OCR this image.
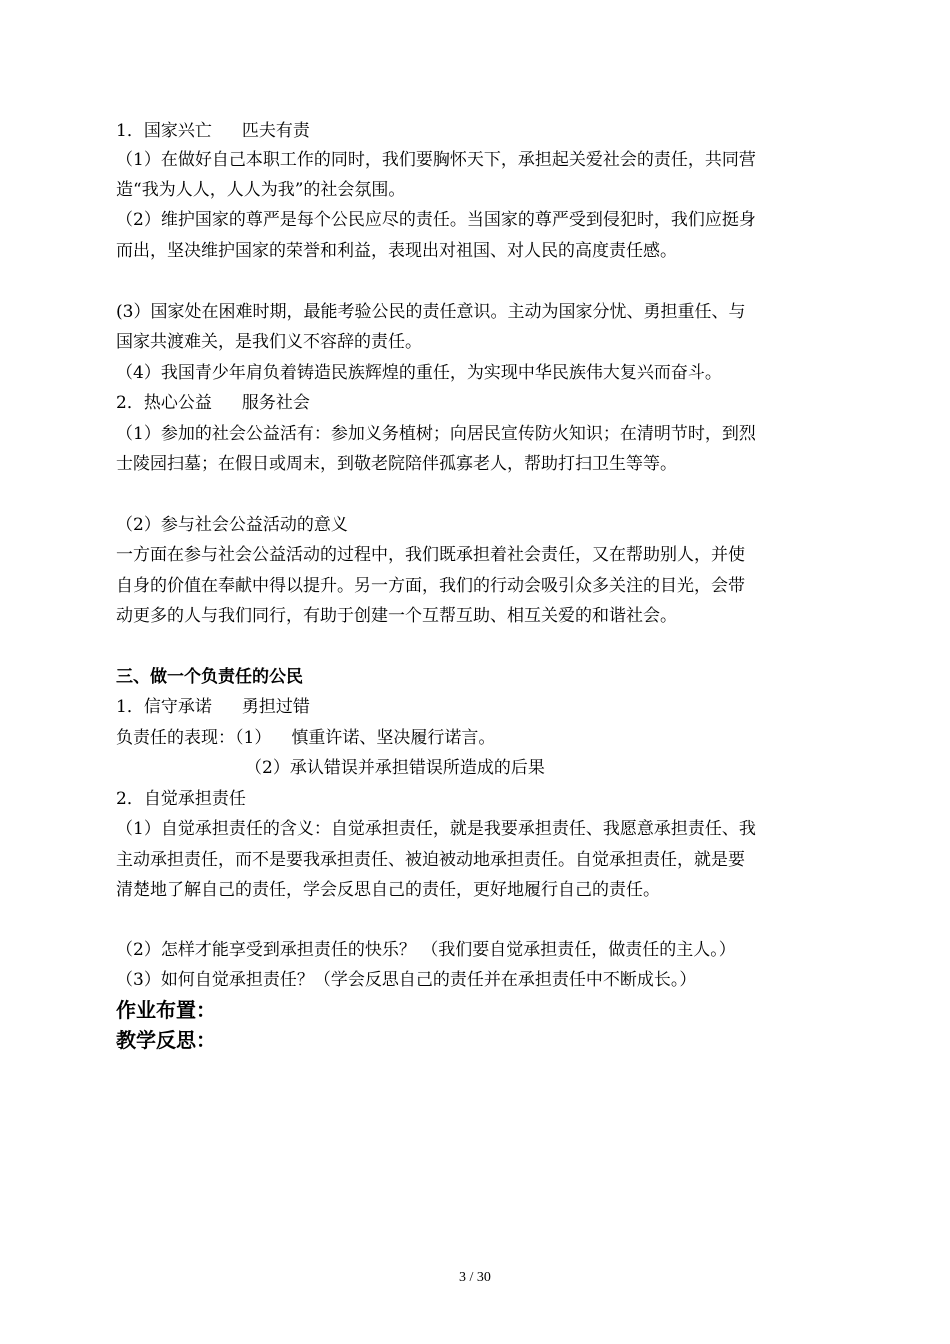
1．国家兴亡 匹夫有责
（1）在做好自己本职工作的同时，我们要胸怀天下，承担起关爱社会的责任，共同营
造“我为人人，人人为我”的社会氛围。
（2）维护国家的尊严是每个公民应尽的责任。当国家的尊严受到侵犯时，我们应挺身
而出，坚决维护国家的荣誉和利益，表现出对祖国、对人民的高度责任感。
(3）国家处在困难时期，最能考验公民的责任意识。主动为国家分忧、勇担重任、与
国家共渡难关，是我们义不容辞的责任。
（4）我国青少年肩负着铸造民族辉煌的重任，为实现中华民族伟大复兴而奋斗。
2．热心公益 服务社会
（1）参加的社会公益活有：参加义务植树；向居民宣传防火知识；在清明节时，到烈
士陵园扫墓；在假日或周末，到敬老院陪伴孤寡老人，帮助打扫卫生等等。
（2）参与社会公益活动的意义
一方面在参与社会公益活动的过程中，我们既承担着社会责任，又在帮助别人，并使
自身的价值在奉献中得以提升。另一方面，我们的行动会吸引众多关注的目光，会带
动更多的人与我们同行，有助于创建一个互帮互助、相互关爱的和谐社会。
三、做一个负责任的公民
1．信守承诺 勇担过错
负责任的表现：（1） 慎重许诺、坚决履行诺言。
（2）承认错误并承担错误所造成的后果
2．自觉承担责任
（1）自觉承担责任的含义：自觉承担责任，就是我要承担责任、我愿意承担责任、我
主动承担责任，而不是要我承担责任、被迫被动地承担责任。自觉承担责任，就是要
清楚地了解自己的责任，学会反思自己的责任，更好地履行自己的责任。
（2）怎样才能享受到承担责任的快乐？ （我们要自觉承担责任，做责任的主人。）
（3）如何自觉承担责任？（学会反思自己的责任并在承担责任中不断成长。）
作业布置：
教学反思：
3 / 30
